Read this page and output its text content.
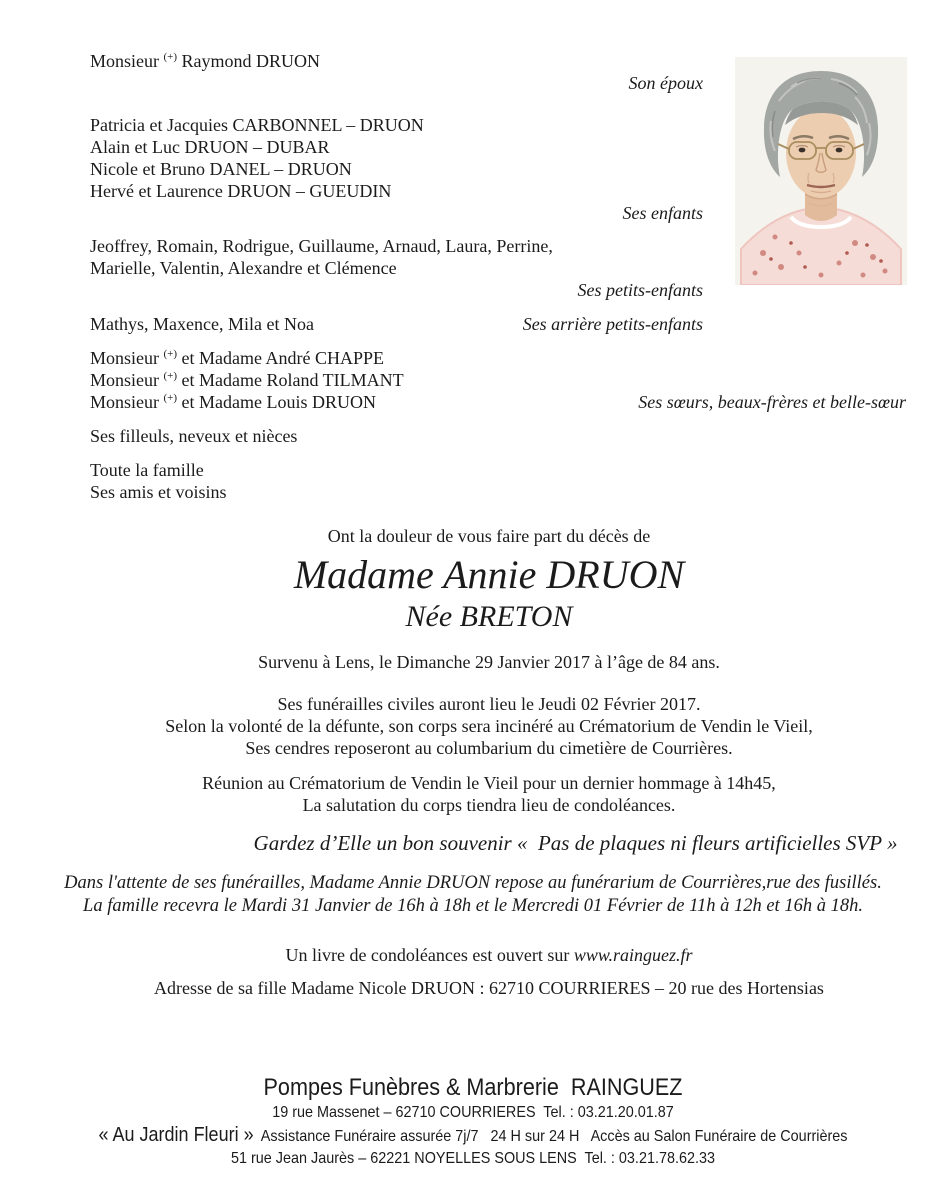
Monsieur (+) Raymond DRUON
Son époux
Patricia et Jacquies CARBONNEL – DRUON
Alain et Luc DRUON – DUBAR
Nicole et Bruno DANEL – DRUON
Hervé et Laurence DRUON – GUEUDIN
Ses enfants
Jeoffrey, Romain, Rodrigue, Guillaume, Arnaud, Laura, Perrine,
Marielle, Valentin, Alexandre et Clémence
Ses petits-enfants
Mathys, Maxence, Mila et Noa	Ses arrière petits-enfants
Monsieur (+) et Madame André CHAPPE
Monsieur (+) et Madame Roland TILMANT
Monsieur (+) et Madame Louis DRUON	Ses sœurs, beaux-frères et belle-sœur
Ses filleuls, neveux et nièces
Toute la famille
Ses amis et voisins
Ont la douleur de vous faire part du décès de
Madame Annie DRUON
Née BRETON
Survenu à Lens, le Dimanche 29 Janvier 2017 à l’âge de 84 ans.
Ses funérailles civiles auront lieu le Jeudi 02 Février 2017.
Selon la volonté de la défunte, son corps sera incinéré au Crématorium de Vendin le Vieil,
Ses cendres reposeront au columbarium du cimetière de Courrières.
Réunion au Crématorium de Vendin le Vieil pour un dernier hommage à 14h45,
La salutation du corps tiendra lieu de condoléances.
Gardez d’Elle un bon souvenir «  Pas de plaques ni fleurs artificielles SVP »
Dans l'attente de ses funérailles, Madame Annie DRUON repose au funérarium de Courrières,rue des fusillés.
La famille recevra le Mardi 31 Janvier de 16h à 18h et le Mercredi 01 Février de 11h à 12h et 16h à 18h.
Un livre de condoléances est ouvert sur www.rainguez.fr
Adresse de sa fille Madame Nicole DRUON : 62710 COURRIERES – 20 rue des Hortensias
Pompes Funèbres & Marbrerie  RAINGUEZ
19 rue Massenet – 62710 COURRIERES  Tel. : 03.21.20.01.87
« Au Jardin Fleuri »  Assistance Funéraire assurée 7j/7   24 H sur 24 H   Accès au Salon Funéraire de Courrières
51 rue Jean Jaurès – 62221 NOYELLES SOUS LENS  Tel. : 03.21.78.62.33
